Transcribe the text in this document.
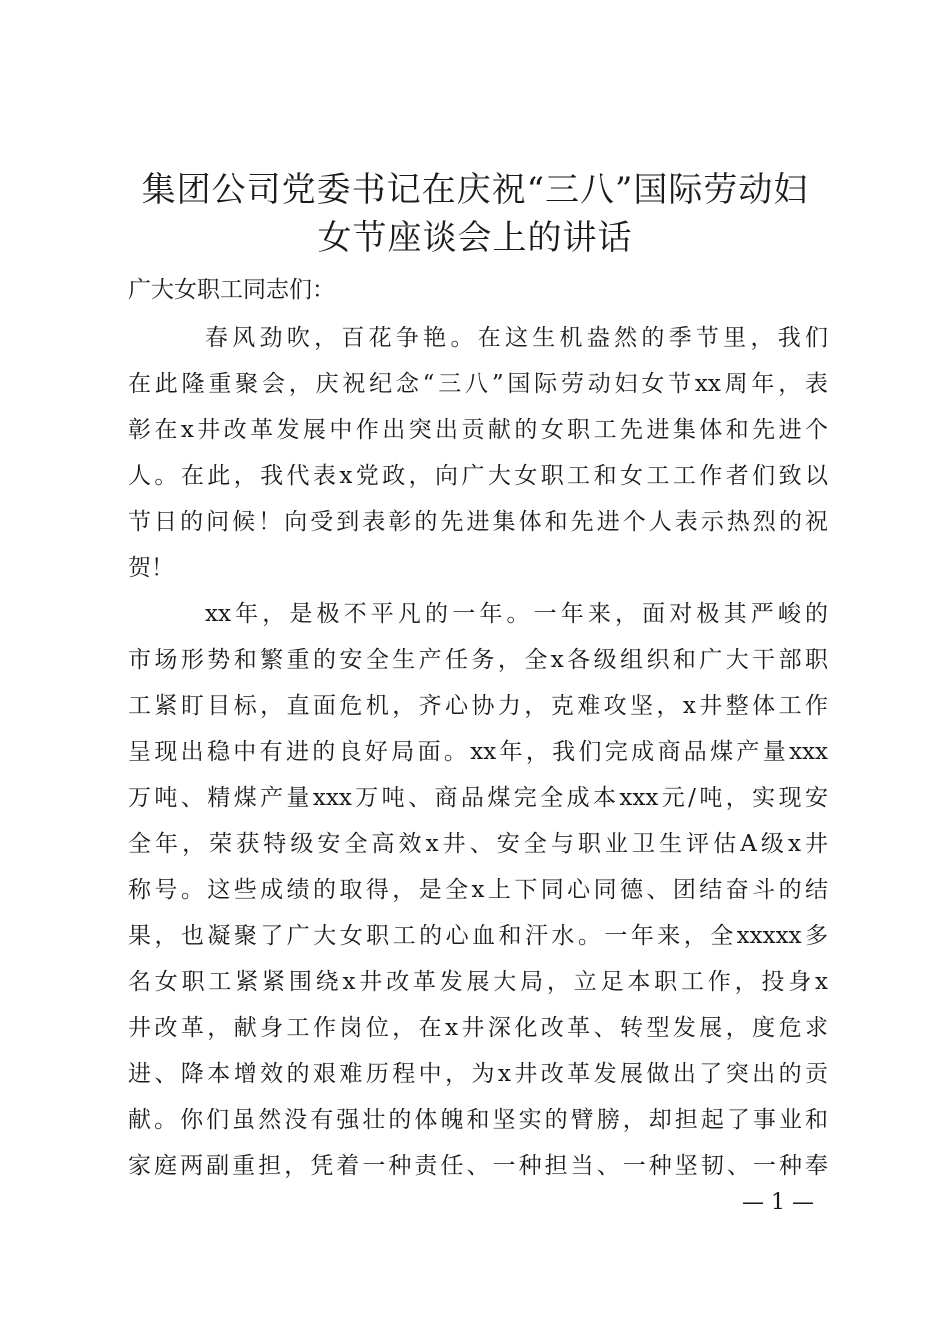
集团公司党委书记在庆祝“三八”国际劳动妇
女节座谈会上的讲话

广大女职工同志们：

春风劲吹，百花争艳。在这生机盎然的季节里，我们

在此隆重聚会，庆祝纪念“三八”国际劳动妇女节xx周年，表

彰在x井改革发展中作出突出贡献的女职工先进集体和先进个

人。在此，我代表x党政，向广大女职工和女工工作者们致以

节日的问候！向受到表彰的先进集体和先进个人表示热烈的祝

贺！

xx年，是极不平凡的一年。一年来，面对极其严峻的

市场形势和繁重的安全生产任务，全x各级组织和广大干部职

工紧盯目标，直面危机，齐心协力，克难攻坚，x井整体工作

呈现出稳中有进的良好局面。xx年，我们完成商品煤产量xxx

万吨、精煤产量xxx万吨、商品煤完全成本xxx元/吨，实现安

全年，荣获特级安全高效x井、安全与职业卫生评估A级x井

称号。这些成绩的取得，是全x上下同心同德、团结奋斗的结

果，也凝聚了广大女职工的心血和汗水。一年来，全xxxxx多

名女职工紧紧围绕x井改革发展大局，立足本职工作，投身x

井改革，献身工作岗位，在x井深化改革、转型发展，度危求

进、降本增效的艰难历程中，为x井改革发展做出了突出的贡

献。你们虽然没有强壮的体魄和坚实的臂膀，却担起了事业和

家庭两副重担，凭着一种责任、一种担当、一种坚韧、一种奉

— 1 —
